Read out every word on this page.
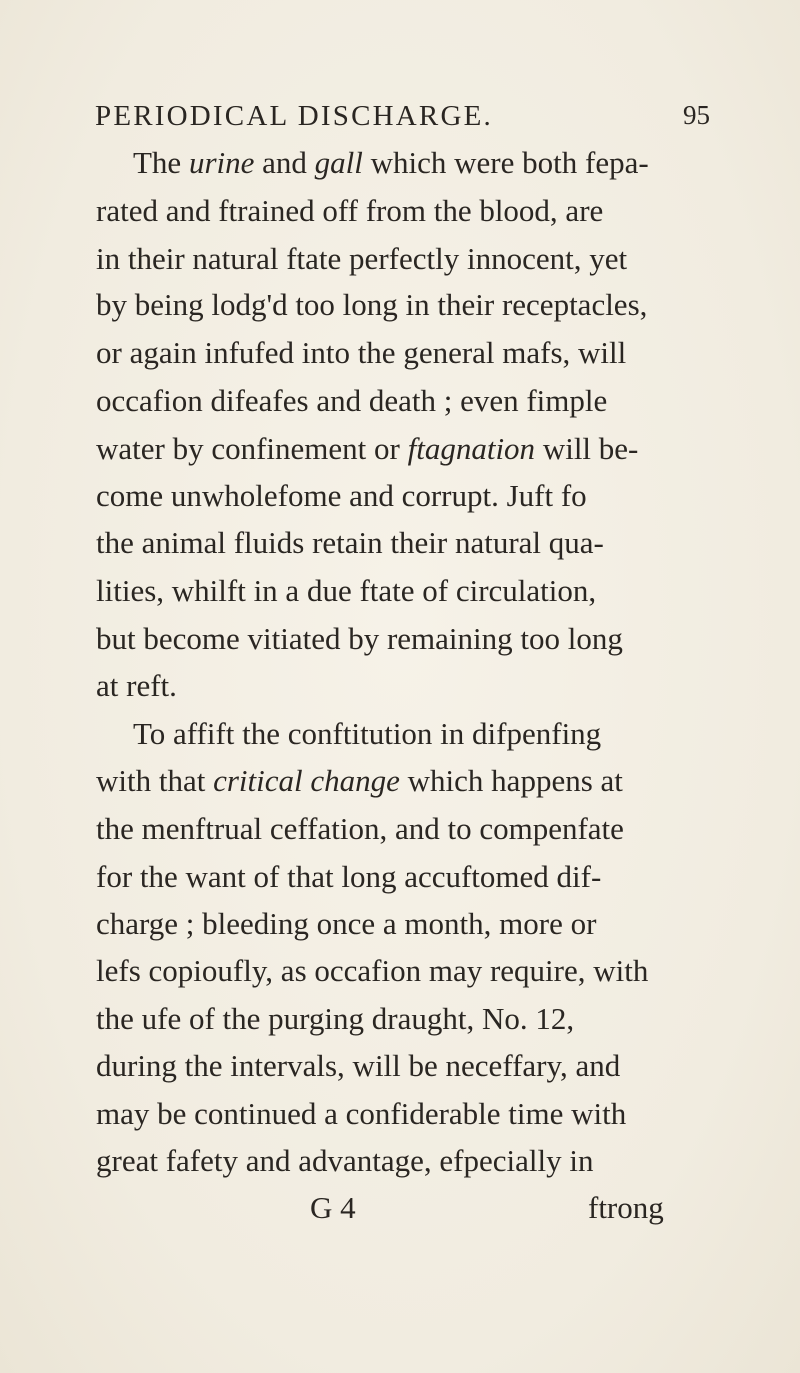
PERIODICAL DISCHARGE.	95
The urine and gall which were both fepa-
rated and ftrained off from the blood, are
in their natural ftate perfectly innocent, yet
by being lodg'd too long in their receptacles,
or again infufed into the general mafs, will
occafion difeafes and death ; even fimple
water by confinement or ftagnation will be-
come unwholefome and corrupt. Juft fo
the animal fluids retain their natural qua-
lities, whilft in a due ftate of circulation,
but become vitiated by remaining too long
at reft.
To affift the conftitution in difpenfing
with that critical change which happens at
the menftrual ceffation, and to compenfate
for the want of that long accuftomed dif-
charge ; bleeding once a month, more or
lefs copioufly, as occafion may require, with
the ufe of the purging draught, No. 12,
during the intervals, will be neceffary, and
may be continued a confiderable time with
great fafety and advantage, efpecially in
G 4	ftrong
